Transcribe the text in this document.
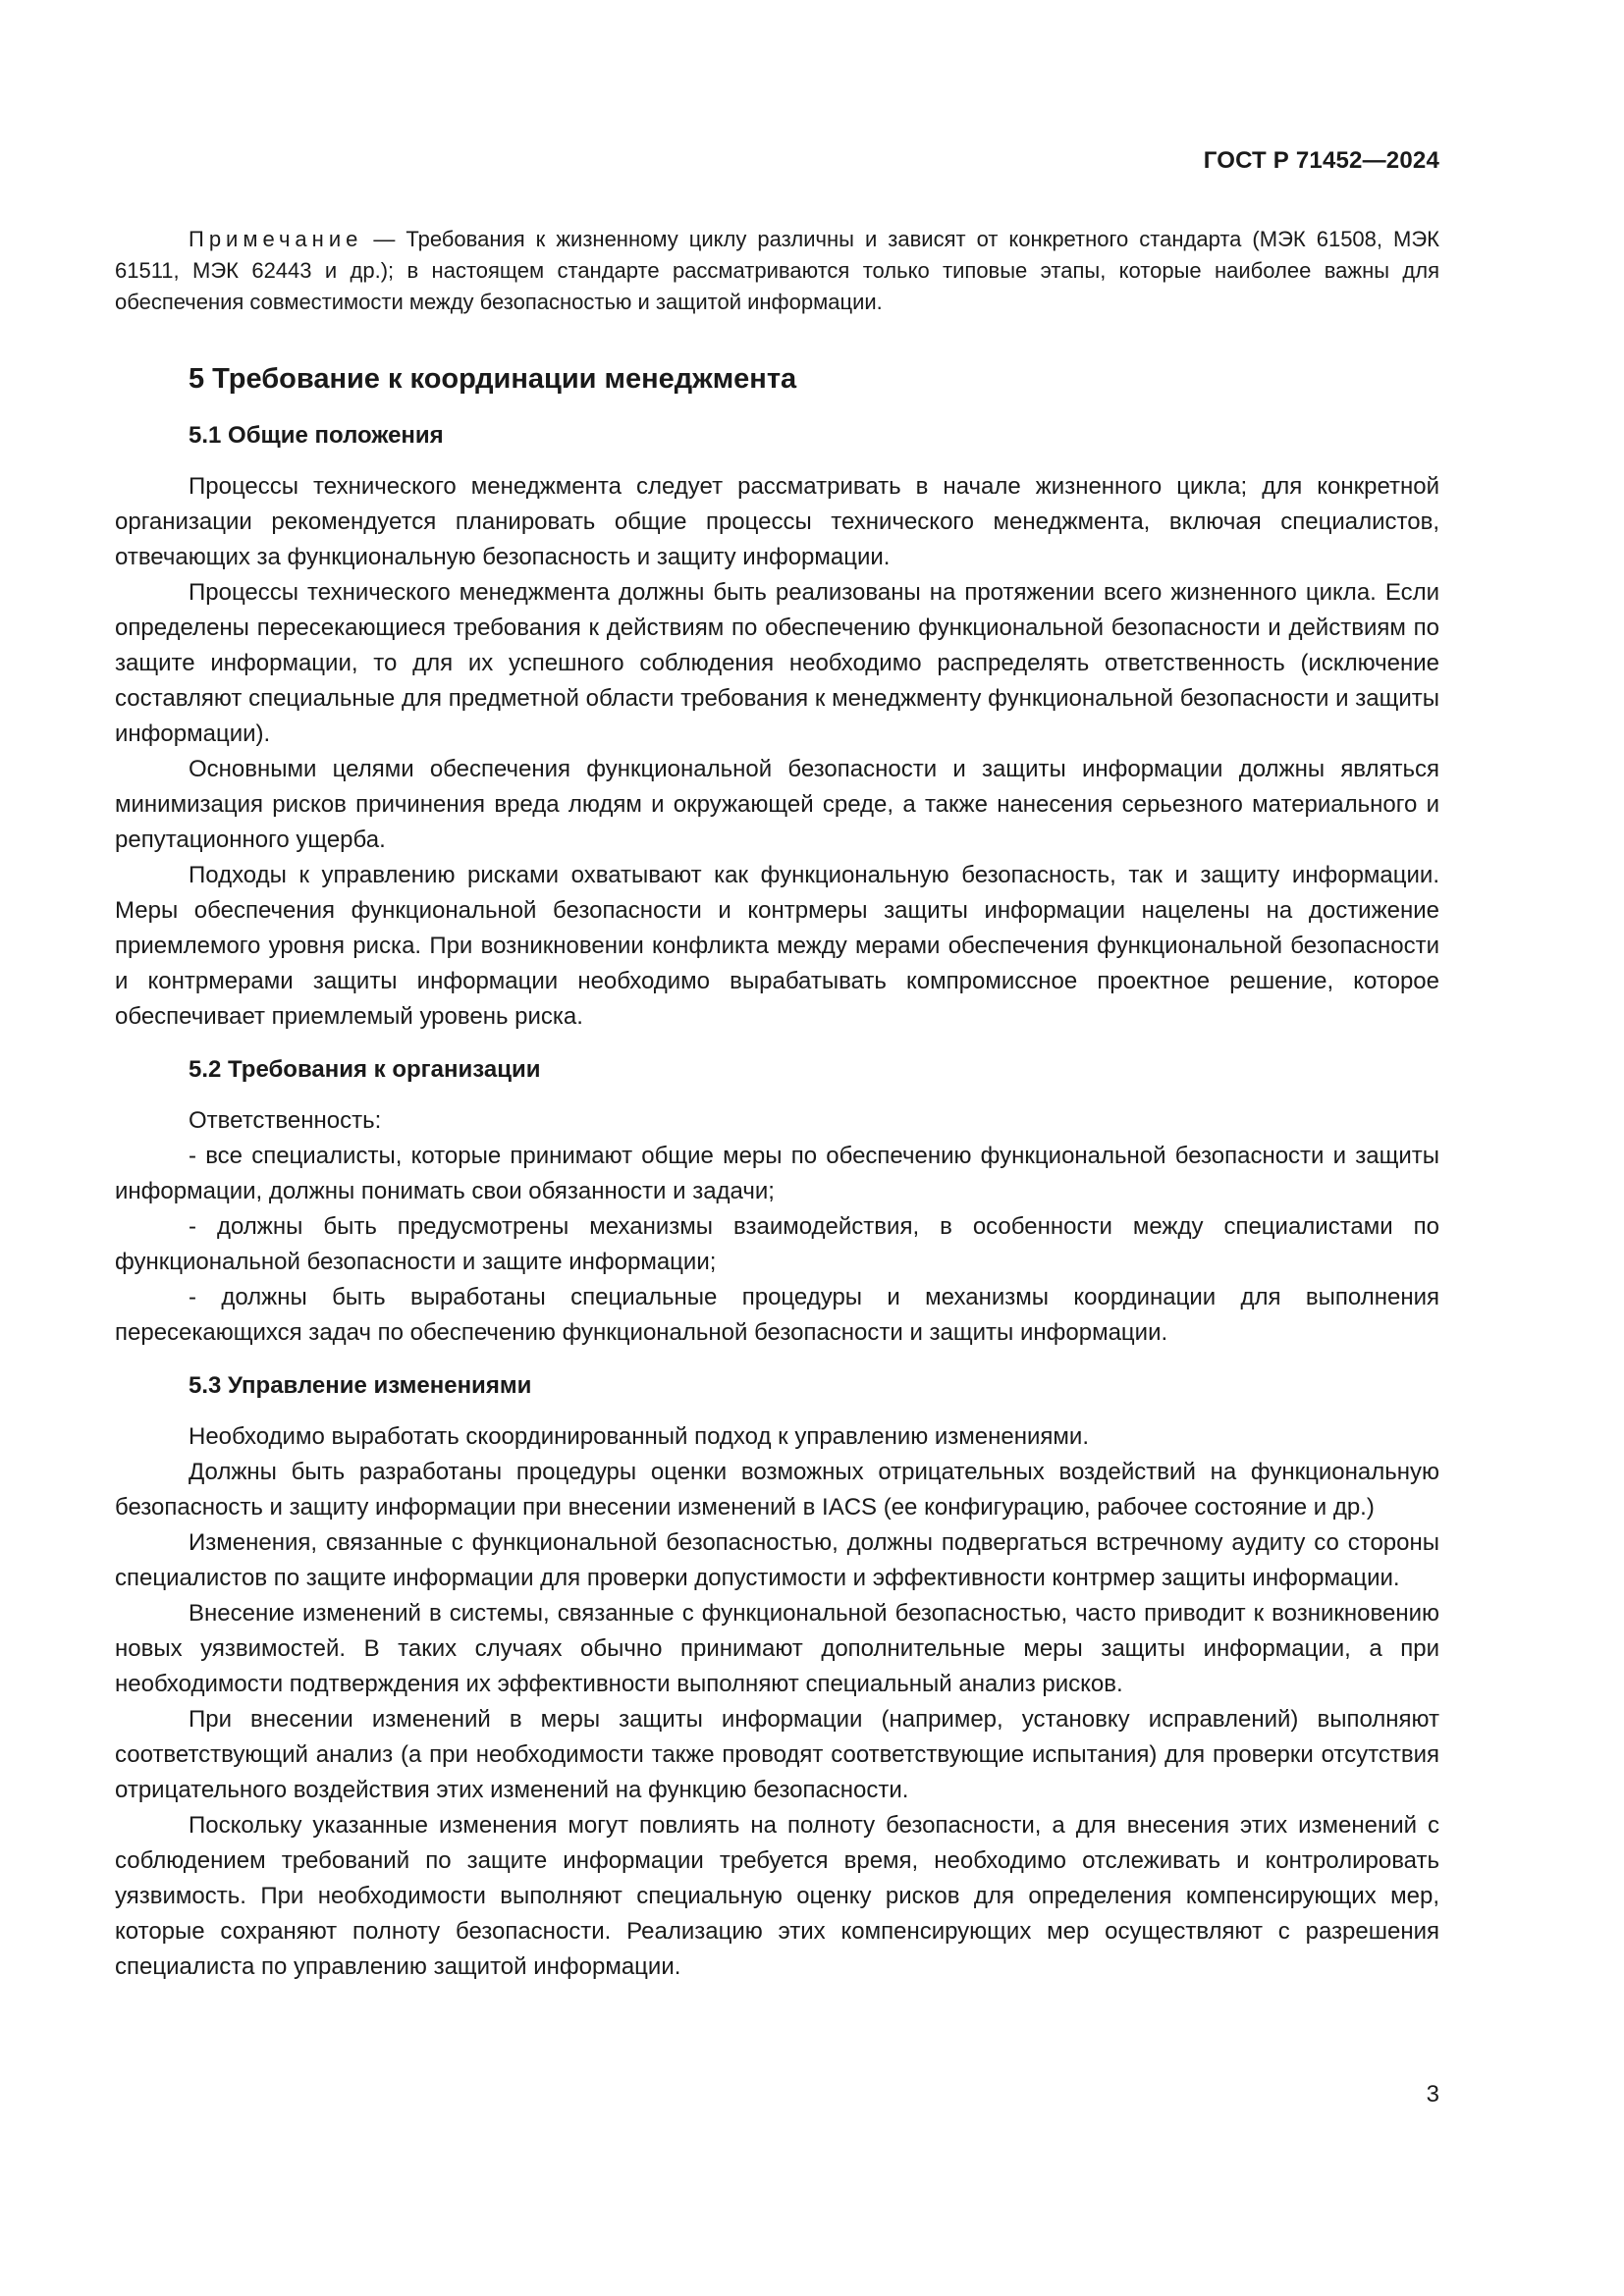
ГОСТ Р 71452—2024

Примечание — Требования к жизненному циклу различны и зависят от конкретного стандарта (МЭК 61508, МЭК 61511, МЭК 62443 и др.); в настоящем стандарте рассматриваются только типовые этапы, которые наиболее важны для обеспечения совместимости между безопасностью и защитой информации.

5 Требование к координации менеджмента
5.1 Общие положения

Процессы технического менеджмента следует рассматривать в начале жизненного цикла; для конкретной организации рекомендуется планировать общие процессы технического менеджмента, включая специалистов, отвечающих за функциональную безопасность и защиту информации.

Процессы технического менеджмента должны быть реализованы на протяжении всего жизненного цикла. Если определены пересекающиеся требования к действиям по обеспечению функциональной безопасности и действиям по защите информации, то для их успешного соблюдения необходимо распределять ответственность (исключение составляют специальные для предметной области требования к менеджменту функциональной безопасности и защиты информации).

Основными целями обеспечения функциональной безопасности и защиты информации должны являться минимизация рисков причинения вреда людям и окружающей среде, а также нанесения серьезного материального и репутационного ущерба.

Подходы к управлению рисками охватывают как функциональную безопасность, так и защиту информации. Меры обеспечения функциональной безопасности и контрмеры защиты информации нацелены на достижение приемлемого уровня риска. При возникновении конфликта между мерами обеспечения функциональной безопасности и контрмерами защиты информации необходимо вырабатывать компромиссное проектное решение, которое обеспечивает приемлемый уровень риска.

5.2 Требования к организации

Ответственность:

- все специалисты, которые принимают общие меры по обеспечению функциональной безопасности и защиты информации, должны понимать свои обязанности и задачи;

- должны быть предусмотрены механизмы взаимодействия, в особенности между специалистами по функциональной безопасности и защите информации;

- должны быть выработаны специальные процедуры и механизмы координации для выполнения пересекающихся задач по обеспечению функциональной безопасности и защиты информации.

5.3 Управление изменениями

Необходимо выработать скоординированный подход к управлению изменениями.

Должны быть разработаны процедуры оценки возможных отрицательных воздействий на функциональную безопасность и защиту информации при внесении изменений в IACS (ее конфигурацию, рабочее состояние и др.)

Изменения, связанные с функциональной безопасностью, должны подвергаться встречному аудиту со стороны специалистов по защите информации для проверки допустимости и эффективности контрмер защиты информации.

Внесение изменений в системы, связанные с функциональной безопасностью, часто приводит к возникновению новых уязвимостей. В таких случаях обычно принимают дополнительные меры защиты информации, а при необходимости подтверждения их эффективности выполняют специальный анализ рисков.

При внесении изменений в меры защиты информации (например, установку исправлений) выполняют соответствующий анализ (а при необходимости также проводят соответствующие испытания) для проверки отсутствия отрицательного воздействия этих изменений на функцию безопасности.

Поскольку указанные изменения могут повлиять на полноту безопасности, а для внесения этих изменений с соблюдением требований по защите информации требуется время, необходимо отслеживать и контролировать уязвимость. При необходимости выполняют специальную оценку рисков для определения компенсирующих мер, которые сохраняют полноту безопасности. Реализацию этих компенсирующих мер осуществляют с разрешения специалиста по управлению защитой информации.

3
